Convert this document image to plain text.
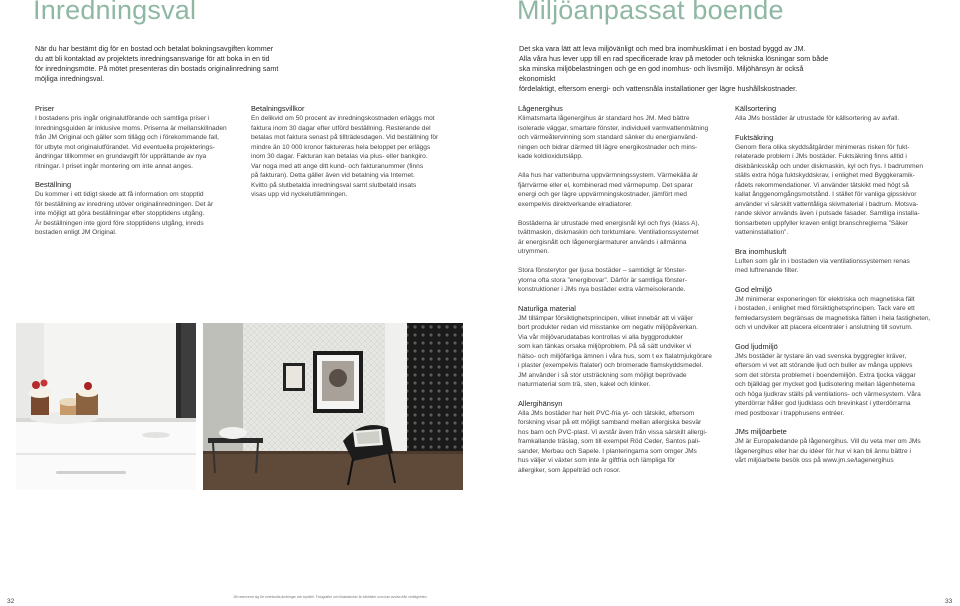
Inredningsval
När du har bestämt dig för en bostad och betalat bokningsavgiften kommer
du att bli kontaktad av projektets inredningsansvarige för att boka in en tid
för inredningsmöte. På mötet presenteras din bostads originalinredning samt
möjliga inredningsval.
Priser
I bostadens pris ingår originalutförande och samtliga priser i
Inredningsguiden är inklusive moms. Priserna är mellanskillnaden
från JM Original och gäller som tillägg och i förekommande fall,
för utbyte mot originalutförandet. Vid eventuella projekterings-
ändringar tillkommer en grundavgift för upprättande av nya
ritningar. I priset ingår montering om inte annat anges.
Beställning
Du kommer i ett tidigt skede att få information om stopptid
för beställning av inredning utöver originalinredningen. Det är
inte möjligt att göra beställningar efter stopptidens utgång.
Är beställningen inte gjord före stopptidens utgång, inreds
bostaden enligt JM Original.
Betalningsvillkor
En delikvid om 50 procent av inredningskostnaden erläggs mot
faktura inom 30 dagar efter utförd beställning. Resterande del
betalas mot faktura senast på tillträdesdagen. Vid beställning för
mindre än 10 000 kronor faktureras hela beloppet per erläggs
inom 30 dagar. Fakturan kan betalas via plus- eller bankgiro.
Var noga med att ange ditt kund- och fakturanummer (finns
på fakturan). Detta gäller även vid betalning via Internet.
Kvitto på slutbetalda inredningsval samt slutbetald insats
visas upp vid nyckelutlämningen.
32
JM reserverar sig för eventuella ändringar och tryckfel. Fotografier och illustrationer är tolkbilder som kan avvika från verkligheten.
Miljöanpassat boende
Det ska vara lätt att leva miljövänligt och med bra inomhusklimat i en bostad byggd av JM.
Alla våra hus lever upp till en rad specificerade krav på metoder och tekniska lösningar som både
ska minska miljöbelastningen och ge en god inomhus- och livsmiljö. Miljöhänsyn är också ekonomiskt
fördelaktigt, eftersom energi- och vattensnåla installationer ger lägre hushållskostnader.
Lågenergihus

Klimatsmarta lågenergihus är standard hos JM. Med bättre
isolerade väggar, smartare fönster, individuell varmvattenmätning
och värmeåtervinning som standard sänker du energianvänd-
ningen och bidrar därmed till lägre energikostnader och mins-
kade koldioxidutsläpp.

Alla hus har vattenburna uppvärmningssystem. Värmekälla är
fjärrvärme eller el, kombinerad med värmepump. Det sparar
energi och ger lägre uppvärmningskostnader, jämfört med
exempelvis direktverkande elradiatorer.

Bostäderna är utrustade med energisnål kyl och frys (klass A),
tvättmaskin, diskmaskin och torktumlare. Ventilationssystemet
är energisnålt och lågenergiarmaturer används i allmänna
utrymmen.

Stora fönsterytor ger ljusa bostäder – samtidigt är fönster-
ytorna ofta stora ”energibovar”. Därför är samtliga fönster-
konstruktioner i JMs nya bostäder extra värmeisolerande.

Naturliga material
JM tillämpar försiktighetsprincipen, vilket innebär att vi väljer
bort produkter redan vid misstanke om negativ miljöpåverkan.
Via vår miljövarudatabas kontrollas vi alla byggprodukter
som kan tänkas orsaka miljöproblem. På så sätt undviker vi
hälso- och miljöfarliga ämnen i våra hus, som t ex ftalatmjukgörare
i plaster (exempelvis ftalater) och bromerade flamskyddsmedel.
JM använder i så stor utsträckning som möjligt beprövade
naturmaterial som trä, sten, kakel och klinker.
Allergihänsyn
Alla JMs bostäder har helt PVC-fria yt- och tätskikt, eftersom
forskning visar på ett möjligt samband mellan allergiska besvär
hos barn och PVC-plast. Vi avstår även från vissa särskilt allergi-
framkallande träslag, som till exempel Röd Ceder, Santos pali-
sander, Merbau och Sapele. I planteringarna som omger JMs
hus väljer vi växter som inte är giftfria och lämpliga för
allergiker, som äppelträd och rosor.
Källsortering
Alla JMs bostäder är utrustade för källsortering av avfall.
Fuktsäkring
Genom flera olika skyddsåtgärder minimeras risken för fukt-
relaterade problem i JMs bostäder. Fuktsäkring finns alltid i
diskbänksskåp och under diskmaskin, kyl och frys. I badrummen
ställs extra höga fuktskyddskrav, i enlighet med Byggkeramik-
rådets rekommendationer. Vi använder tätskikt med högt så
kallat ånggenomgångsmotstånd. I stället för vanliga gipsskivor
använder vi särskilt vattentåliga skivmaterial i badrum. Motsva-
rande skivor används även i putsade fasader. Samtliga installa-
tionsarbeten uppfyller kraven enligt branschreglerna ”Säker
vatteninstallation”.
Bra inomhusluft
Luften som går in i bostaden via ventilationssystemen renas
med luftrenande filter.
God elmiljö
JM minimerar exponeringen för elektriska och magnetiska fält
i bostaden, i enlighet med försiktighetsprincipen. Tack vare ett
femledarsystem begränsas de magnetiska fälten i hela fastigheten,
och vi undviker att placera elcentraler i anslutning till sovrum.
God ljudmiljö
JMs bostäder är tystare än vad svenska byggregler kräver,
eftersom vi vet att störande ljud och buller av många upplevs
som det största problemet i boendemiljön. Extra tjocka väggar
och bjälklag ger mycket god ljudisolering mellan lägenheterna
och höga ljudkrav ställs på ventilations- och värmesystem. Våra
ytterdörrar håller god ljudklass och brevinkast i ytterdörrarna
med postboxar i trapphusens entréer.
JMs miljöarbete
JM är Europaledande på lågenergihus. Vill du veta mer om JMs
lågenergihus eller har du idéer för hur vi kan bli ännu bättre i
vårt miljöarbete besök oss på www.jm.se/lagenergihus
33
